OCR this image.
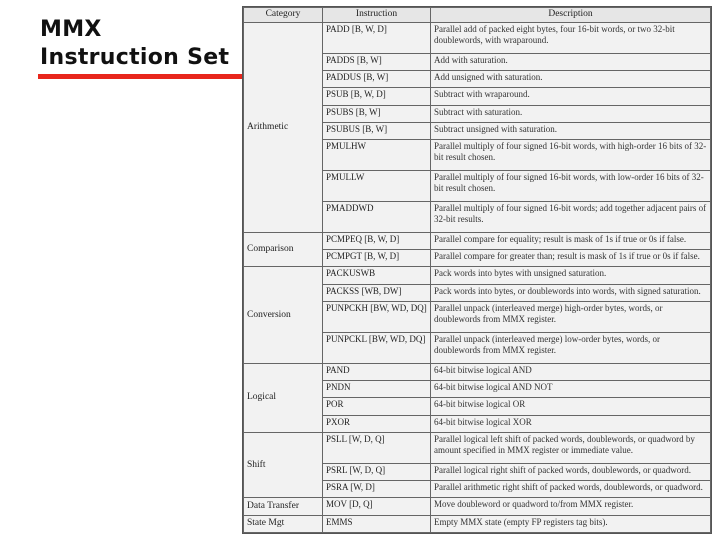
MMX
Instruction Set
Category	Instruction	Description
Arithmetic	PADD [B, W, D]	Parallel add of packed eight bytes, four 16-bit words, or two 32-bit doublewords, with wraparound.
	PADDS [B, W]	Add with saturation.
	PADDUS [B, W]	Add unsigned with saturation.
	PSUB [B, W, D]	Subtract with wraparound.
	PSUBS [B, W]	Subtract with saturation.
	PSUBUS [B, W]	Subtract unsigned with saturation.
	PMULHW	Parallel multiply of four signed 16-bit words, with high-order 16 bits of 32-bit result chosen.
	PMULLW	Parallel multiply of four signed 16-bit words, with low-order 16 bits of 32-bit result chosen.
	PMADDWD	Parallel multiply of four signed 16-bit words; add together adjacent pairs of 32-bit results.
Comparison	PCMPEQ [B, W, D]	Parallel compare for equality; result is mask of 1s if true or 0s if false.
	PCMPGT [B, W, D]	Parallel compare for greater than; result is mask of 1s if true or 0s if false.
Conversion	PACKUSWB	Pack words into bytes with unsigned saturation.
	PACKSS [WB, DW]	Pack words into bytes, or doublewords into words, with signed saturation.
	PUNPCKH [BW, WD, DQ]	Parallel unpack (interleaved merge) high-order bytes, words, or doublewords from MMX register.
	PUNPCKL [BW, WD, DQ]	Parallel unpack (interleaved merge) low-order bytes, words, or doublewords from MMX register.
Logical	PAND	64-bit bitwise logical AND
	PNDN	64-bit bitwise logical AND NOT
	POR	64-bit bitwise logical OR
	PXOR	64-bit bitwise logical XOR
Shift	PSLL [W, D, Q]	Parallel logical left shift of packed words, doublewords, or quadword by amount specified in MMX register or immediate value.
	PSRL [W, D, Q]	Parallel logical right shift of packed words, doublewords, or quadword.
	PSRA [W, D]	Parallel arithmetic right shift of packed words, doublewords, or quadword.
Data Transfer	MOV [D, Q]	Move doubleword or quadword to/from MMX register.
State Mgt	EMMS	Empty MMX state (empty FP registers tag bits).
